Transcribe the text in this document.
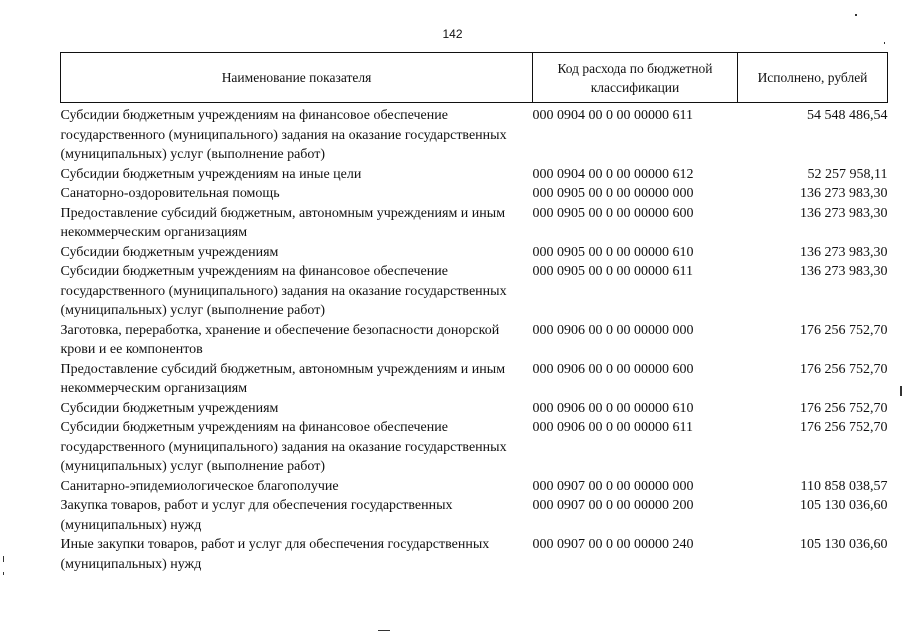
142
Наименование показателя	Код расхода по бюджетной классификации	Исполнено, рублей
Субсидии бюджетным учреждениям на финансовое обеспечение государственного (муниципального) задания на оказание государственных (муниципальных) услуг (выполнение работ)	000 0904 00 0 00 00000 611	54 548 486,54
Субсидии бюджетным учреждениям на иные цели	000 0904 00 0 00 00000 612	52 257 958,11
Санаторно-оздоровительная помощь	000 0905 00 0 00 00000 000	136 273 983,30
Предоставление субсидий бюджетным, автономным учреждениям и иным некоммерческим организациям	000 0905 00 0 00 00000 600	136 273 983,30
Субсидии бюджетным учреждениям	000 0905 00 0 00 00000 610	136 273 983,30
Субсидии бюджетным учреждениям на финансовое обеспечение государственного (муниципального) задания на оказание государственных (муниципальных) услуг (выполнение работ)	000 0905 00 0 00 00000 611	136 273 983,30
Заготовка, переработка, хранение и обеспечение безопасности донорской крови и ее компонентов	000 0906 00 0 00 00000 000	176 256 752,70
Предоставление субсидий бюджетным, автономным учреждениям и иным некоммерческим организациям	000 0906 00 0 00 00000 600	176 256 752,70
Субсидии бюджетным учреждениям	000 0906 00 0 00 00000 610	176 256 752,70
Субсидии бюджетным учреждениям на финансовое обеспечение государственного (муниципального) задания на оказание государственных (муниципальных) услуг (выполнение работ)	000 0906 00 0 00 00000 611	176 256 752,70
Санитарно-эпидемиологическое благополучие	000 0907 00 0 00 00000 000	110 858 038,57
Закупка товаров, работ и услуг для обеспечения государственных (муниципальных) нужд	000 0907 00 0 00 00000 200	105 130 036,60
Иные закупки товаров, работ и услуг для обеспечения государственных (муниципальных) нужд	000 0907 00 0 00 00000 240	105 130 036,60
